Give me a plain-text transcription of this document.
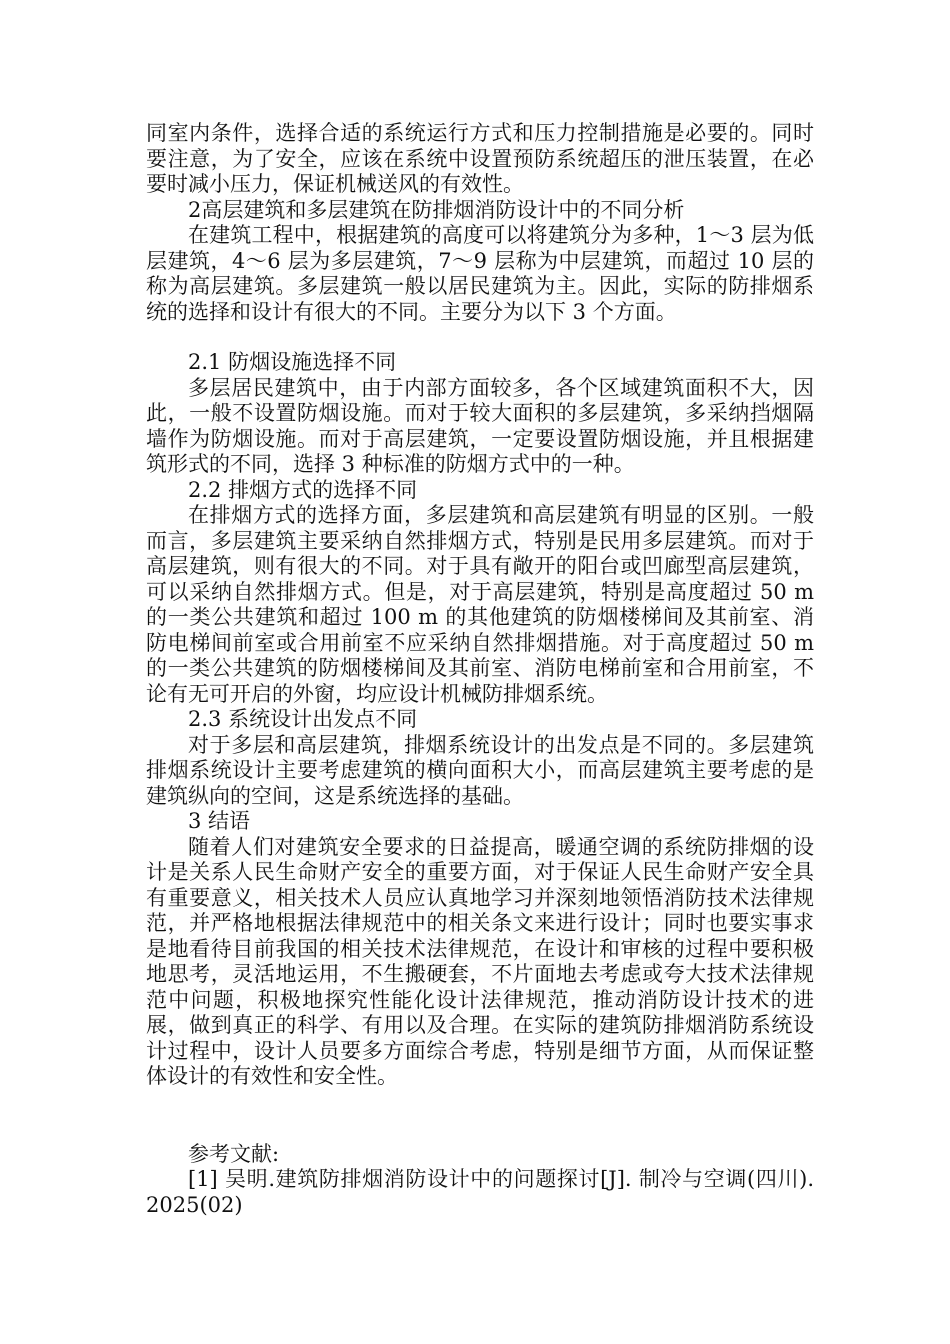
同室内条件，选择合适的系统运行方式和压力控制措施是必要的。同时要注意，为了安全，应该在系统中设置预防系统超压的泄压装置，在必要时减小压力，保证机械送风的有效性。

2高层建筑和多层建筑在防排烟消防设计中的不同分析

在建筑工程中，根据建筑的高度可以将建筑分为多种，1～3 层为低层建筑，4～6 层为多层建筑，7～9 层称为中层建筑，而超过 10 层的称为高层建筑。多层建筑一般以居民建筑为主。因此，实际的防排烟系统的选择和设计有很大的不同。主要分为以下 3 个方面。

2.1 防烟设施选择不同

多层居民建筑中，由于内部方面较多，各个区域建筑面积不大，因此，一般不设置防烟设施。而对于较大面积的多层建筑，多采纳挡烟隔墙作为防烟设施。而对于高层建筑，一定要设置防烟设施，并且根据建筑形式的不同，选择 3 种标准的防烟方式中的一种。

2.2 排烟方式的选择不同

在排烟方式的选择方面，多层建筑和高层建筑有明显的区别。一般而言，多层建筑主要采纳自然排烟方式，特别是民用多层建筑。而对于高层建筑，则有很大的不同。对于具有敞开的阳台或凹廊型高层建筑，可以采纳自然排烟方式。但是，对于高层建筑，特别是高度超过 50 m 的一类公共建筑和超过 100 m 的其他建筑的防烟楼梯间及其前室、消防电梯间前室或合用前室不应采纳自然排烟措施。对于高度超过 50 m 的一类公共建筑的防烟楼梯间及其前室、消防电梯前室和合用前室，不论有无可开启的外窗，均应设计机械防排烟系统。

2.3 系统设计出发点不同

对于多层和高层建筑，排烟系统设计的出发点是不同的。多层建筑排烟系统设计主要考虑建筑的横向面积大小，而高层建筑主要考虑的是建筑纵向的空间，这是系统选择的基础。

3 结语

随着人们对建筑安全要求的日益提高，暖通空调的系统防排烟的设计是关系人民生命财产安全的重要方面，对于保证人民生命财产安全具有重要意义，相关技术人员应认真地学习并深刻地领悟消防技术法律规范，并严格地根据法律规范中的相关条文来进行设计；同时也要实事求是地看待目前我国的相关技术法律规范，在设计和审核的过程中要积极地思考，灵活地运用，不生搬硬套，不片面地去考虑或夸大技术法律规范中问题，积极地探究性能化设计法律规范，推动消防设计技术的进展，做到真正的科学、有用以及合理。在实际的建筑防排烟消防系统设计过程中，设计人员要多方面综合考虑，特别是细节方面，从而保证整体设计的有效性和安全性。

参考文献:

[1] 吴明.建筑防排烟消防设计中的问题探讨[J]. 制冷与空调(四川). 2025(02)
